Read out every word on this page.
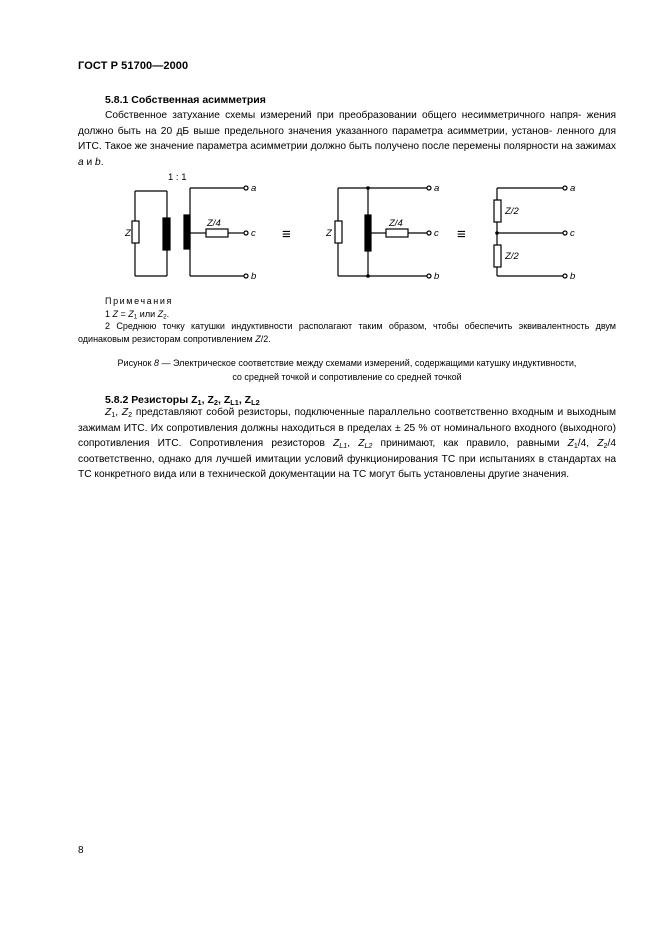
ГОСТ Р 51700—2000
5.8.1 Собственная асимметрия
Собственное затухание схемы измерений при преобразовании общего несимметричного напря- жения должно быть на 20 дБ выше предельного значения указанного параметра асимметрии, установ- ленного для ИТС. Такое же значение параметра асимметрии должно быть получено после перемены полярности на зажимах a и b.
1 : 1
Z
Z/4
a
c
b
≡	Z
Z/4
a
c
b
≡
Z/2
Z/2
a
c
b
Примечания
1 $Z = Z_1$ или $Z_2$.
2 Среднюю точку катушки индуктивности располагают таким образом, чтобы обеспечить эквивалентность двум одинаковым резисторам сопротивлением Z/2.
Рисунок 8 — Электрическое соответствие между схемами измерений, содержащими катушку индуктивности,
со средней точкой и сопротивление со средней точкой
5.8.2 Резисторы $Z_1$, $Z_2$, $Z_{L1}$, $Z_{L2}$
$Z_1$, $Z_2$ представляют собой резисторы, подключенные параллельно соответственно входным и выходным зажимам ИТС. Их сопротивления должны находиться в пределах ± 25 % от номинального входного (выходного) сопротивления ИТС. Сопротивления резисторов $Z_{L1}$, $Z_{L2}$ принимают, как правило, равными $Z_1/4$, $Z_2/4$ соответственно, однако для лучшей имитации условий функционирования ТС при испытаниях в стандартах на ТС конкретного вида или в технической документации на ТС могут быть установлены другие значения.
8
